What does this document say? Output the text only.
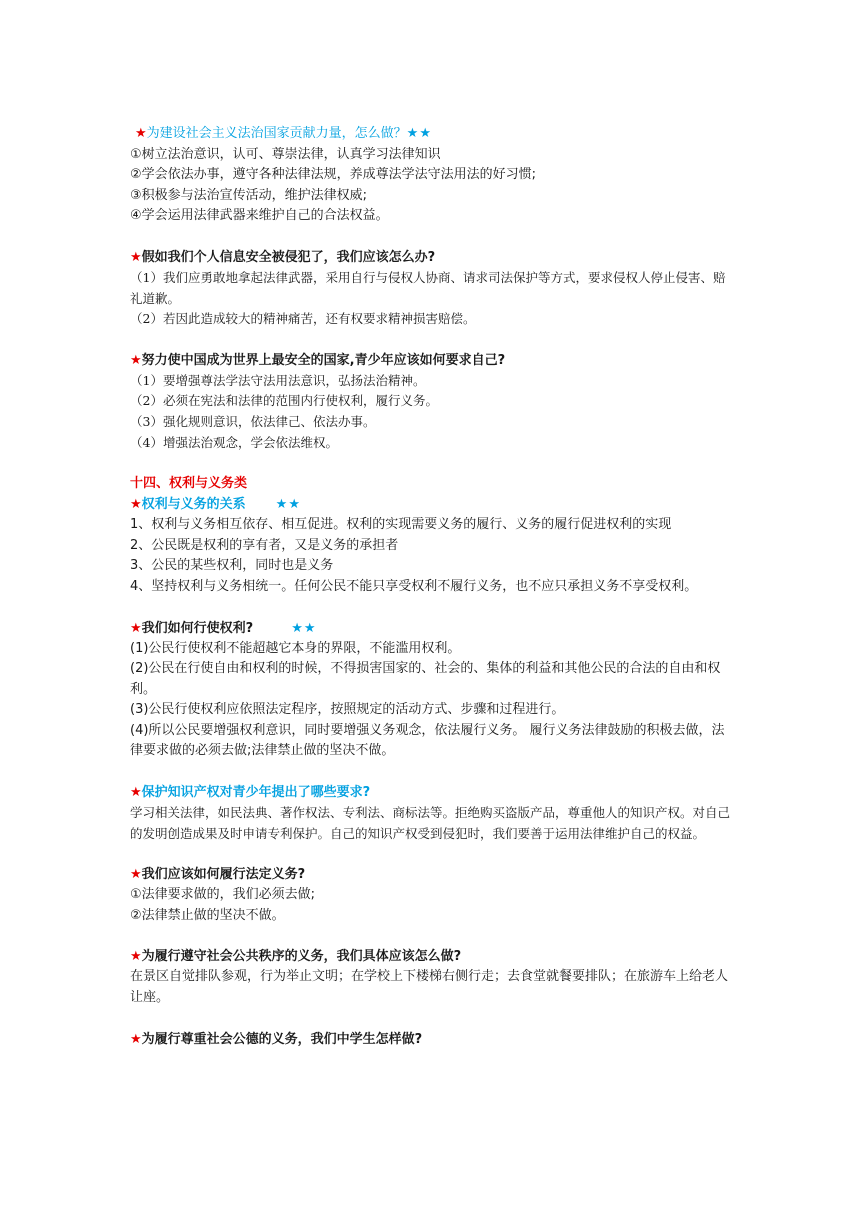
★为建设社会主义法治国家贡献力量，怎么做？★★
①树立法治意识，认可、尊崇法律，认真学习法律知识
②学会依法办事，遵守各种法律法规，养成尊法学法守法用法的好习惯;
③积极参与法治宣传活动，维护法律权威;
④学会运用法律武器来维护自己的合法权益。
★假如我们个人信息安全被侵犯了，我们应该怎么办?
（1）我们应勇敢地拿起法律武器，采用自行与侵权人协商、请求司法保护等方式，要求侵权人停止侵害、赔礼道歉。
（2）若因此造成较大的精神痛苦，还有权要求精神损害赔偿。
★努力使中国成为世界上最安全的国家,青少年应该如何要求自己?
（1）要增强尊法学法守法用法意识，弘扬法治精神。
（2）必须在宪法和法律的范围内行使权利，履行义务。
（3）强化规则意识，依法律己、依法办事。
（4）增强法治观念，学会依法维权。
十四、权利与义务类
★权利与义务的关系 ★★
1、权利与义务相互依存、相互促进。权利的实现需要义务的履行、义务的履行促进权利的实现
2、公民既是权利的享有者，又是义务的承担者
3、公民的某些权利，同时也是义务
4、坚持权利与义务相统一。任何公民不能只享受权利不履行义务，也不应只承担义务不享受权利。
★我们如何行使权利?	★★
(1)公民行使权利不能超越它本身的界限，不能滥用权利。
(2)公民在行使自由和权利的时候，不得损害国家的、社会的、集体的利益和其他公民的合法的自由和权利。
(3)公民行使权利应依照法定程序，按照规定的活动方式、步骤和过程进行。
(4)所以公民要增强权利意识，同时要增强义务观念，依法履行义务。 履行义务法律鼓励的积极去做，法律要求做的必须去做;法律禁止做的坚决不做。
★保护知识产权对青少年提出了哪些要求?
学习相关法律，如民法典、著作权法、专利法、商标法等。拒绝购买盗版产品，尊重他人的知识产权。对自己的发明创造成果及时申请专利保护。自己的知识产权受到侵犯时，我们要善于运用法律维护自己的权益。
★我们应该如何履行法定义务?
①法律要求做的，我们必须去做;
②法律禁止做的坚决不做。
★为履行遵守社会公共秩序的义务，我们具体应该怎么做?
在景区自觉排队参观，行为举止文明；在学校上下楼梯右侧行走；去食堂就餐要排队；在旅游车上给老人让座。
★为履行尊重社会公德的义务，我们中学生怎样做?
